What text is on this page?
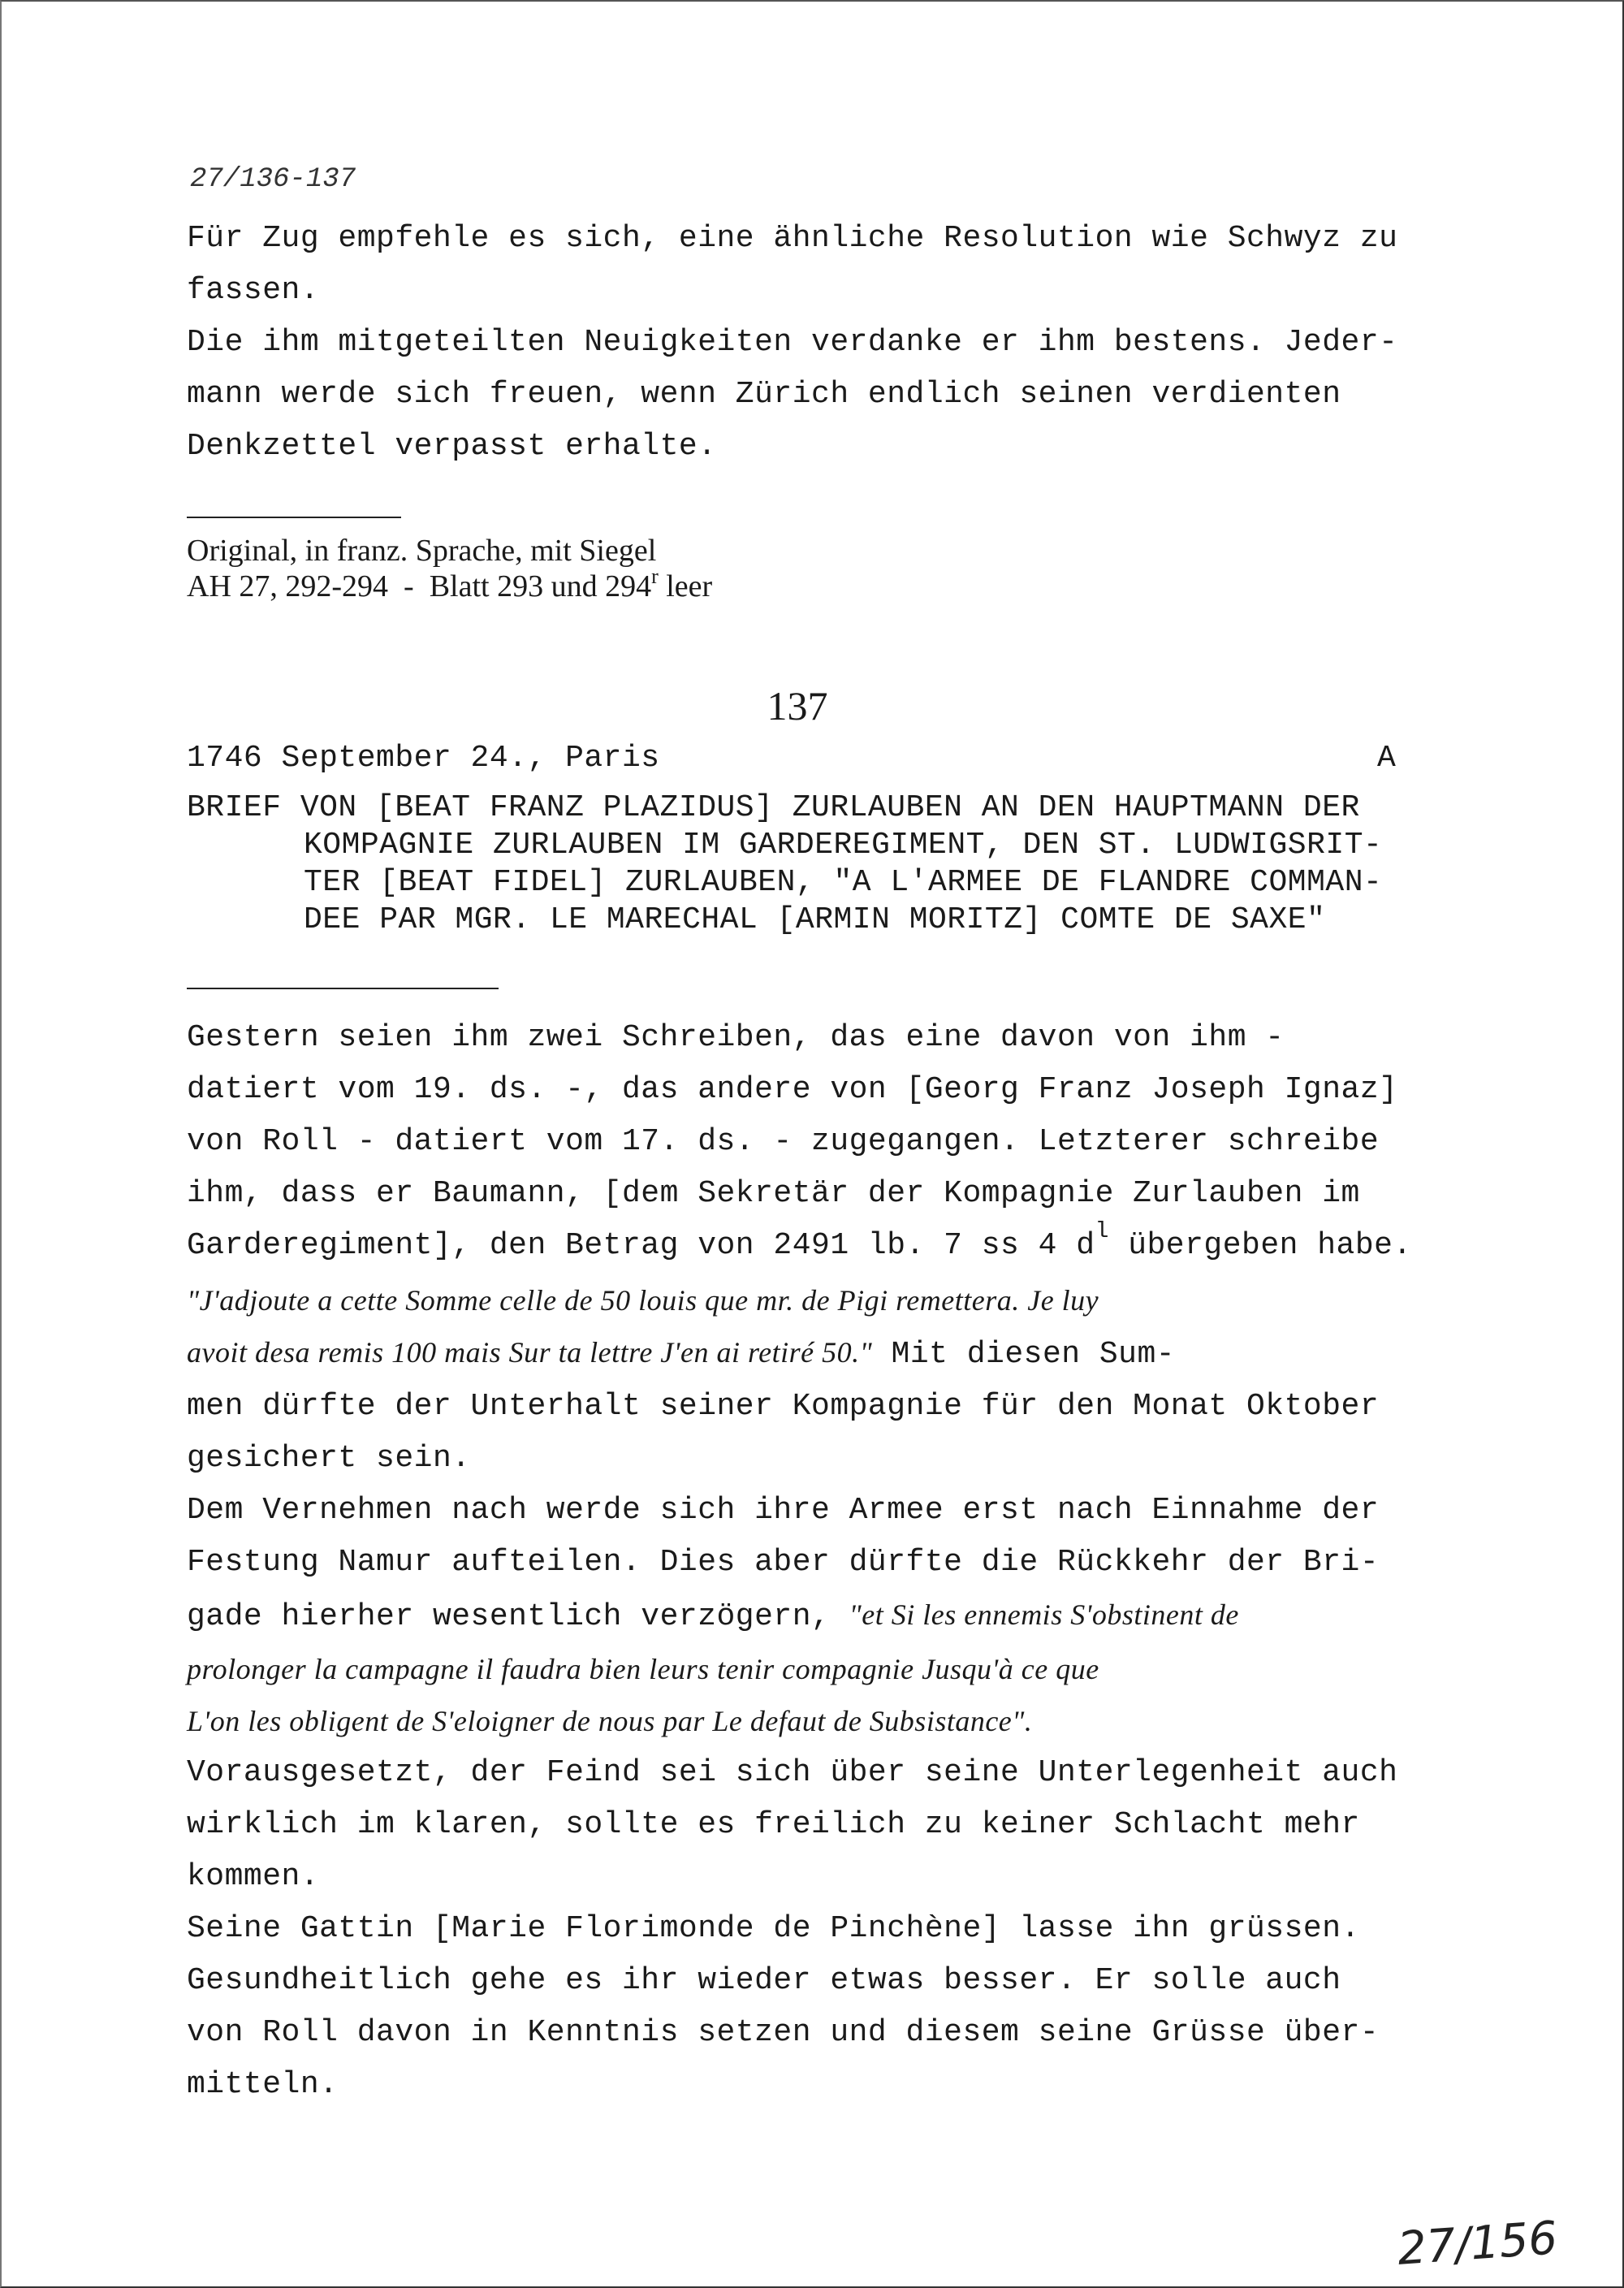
27/136-137
Für Zug empfehle es sich, eine ähnliche Resolution wie Schwyz zu
fassen.
Die ihm mitgeteilten Neuigkeiten verdanke er ihm bestens. Jeder-
mann werde sich freuen, wenn Zürich endlich seinen verdienten
Denkzettel verpasst erhalte.
Original, in franz. Sprache, mit Siegel
AH 27, 292-294  -  Blatt 293 und 294$^r$ leer
137
1746 September 24., Paris	A
BRIEF VON [BEAT FRANZ PLAZIDUS] ZURLAUBEN AN DEN HAUPTMANN DER
KOMPAGNIE ZURLAUBEN IM GARDEREGIMENT, DEN ST. LUDWIGSRIT-
TER [BEAT FIDEL] ZURLAUBEN, "A L'ARMEE DE FLANDRE COMMAN-
DEE PAR MGR. LE MARECHAL [ARMIN MORITZ] COMTE DE SAXE"
Gestern seien ihm zwei Schreiben, das eine davon von ihm -
datiert vom 19. ds. -, das andere von [Georg Franz Joseph Ignaz]
von Roll - datiert vom 17. ds. - zugegangen. Letzterer schreibe
ihm, dass er Baumann, [dem Sekretär der Kompagnie Zurlauben im
Garderegiment], den Betrag von 2491 lb. 7 ss 4 $d^l$ übergeben habe.
"J'adjoute a cette Somme celle de 50 louis que mr. de Pigi remettera. Je luy
avoit desa remis 100 mais Sur ta lettre J'en ai retiré 50." Mit diesen Sum-
men dürfte der Unterhalt seiner Kompagnie für den Monat Oktober
gesichert sein.
Dem Vernehmen nach werde sich ihre Armee erst nach Einnahme der
Festung Namur aufteilen. Dies aber dürfte die Rückkehr der Bri-
gade hierher wesentlich verzögern, "et Si les ennemis S'obstinent de
prolonger la campagne il faudra bien leurs tenir compagnie Jusqu'à ce que
L'on les obligent de S'eloigner de nous par Le defaut de Subsistance".
Vorausgesetzt, der Feind sei sich über seine Unterlegenheit auch
wirklich im klaren, sollte es freilich zu keiner Schlacht mehr
kommen.
Seine Gattin [Marie Florimonde de Pinchène] lasse ihn grüssen.
Gesundheitlich gehe es ihr wieder etwas besser. Er solle auch
von Roll davon in Kenntnis setzen und diesem seine Grüsse über-
mitteln.
27/156
